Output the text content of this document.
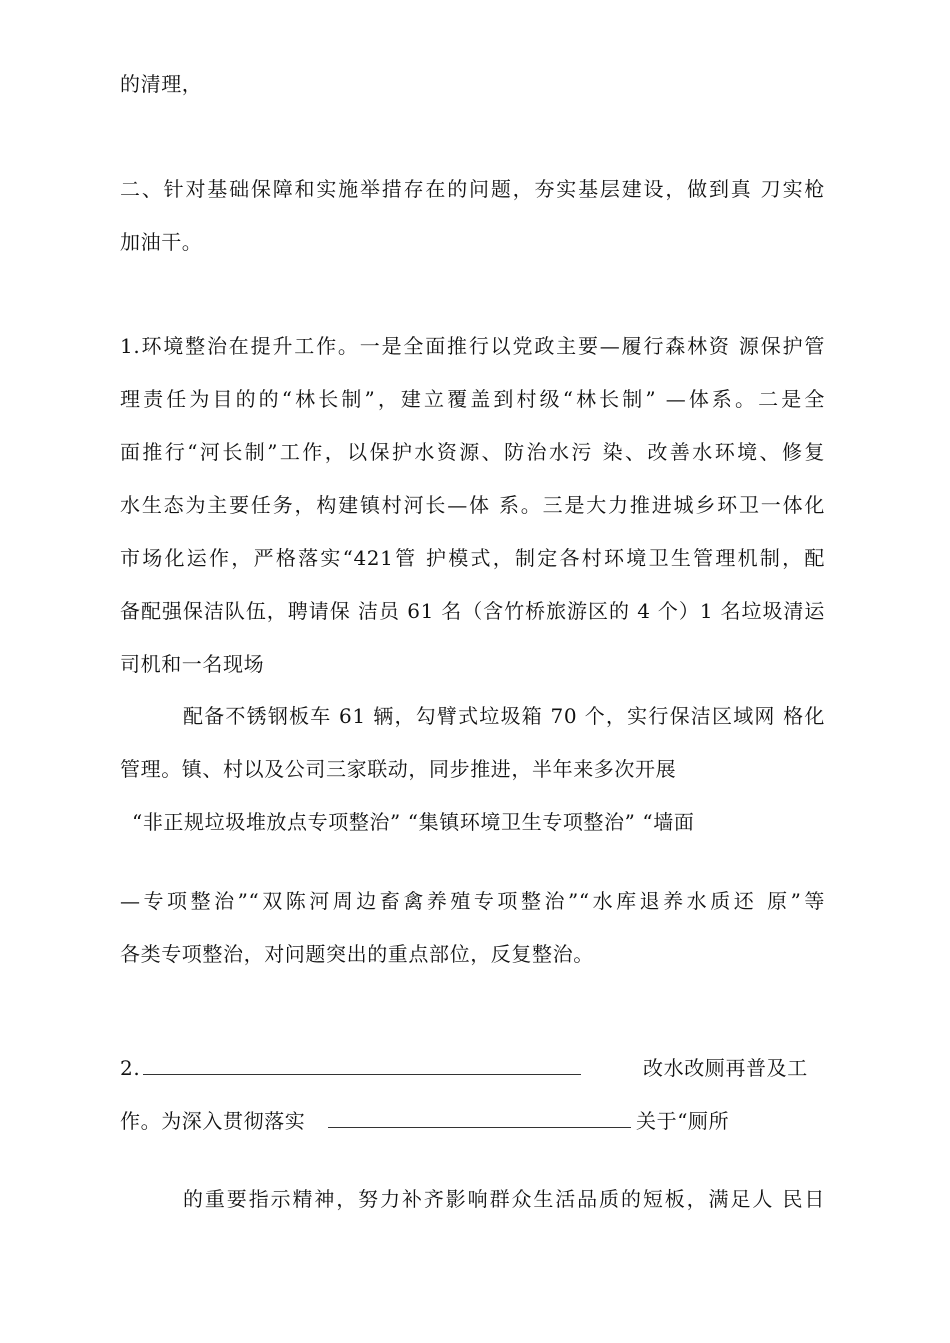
的清理，
二、针对基础保障和实施举措存在的问题，夯实基层建设，做到真 刀实枪
加油干。
1.环境整治在提升工作。一是全面推行以党政主要—履行森林资 源保护管
理责任为目的的“林长制”，建立覆盖到村级“林长制” —体系。二是全
面推行“河长制”工作，以保护水资源、防治水污 染、改善水环境、修复
水生态为主要任务，构建镇村河长—体 系。三是大力推进城乡环卫一体化
市场化运作，严格落实“421管 护模式，制定各村环境卫生管理机制，配
备配强保洁队伍，聘请保 洁员 61 名（含竹桥旅游区的 4 个）1 名垃圾清运
司机和一名现场
配备不锈钢板车 61 辆，勾臂式垃圾箱 70 个，实行保洁区域网 格化
管理。镇、村以及公司三家联动，同步推进，半年来多次开展
“非正规垃圾堆放点专项整治” “集镇环境卫生专项整治” “墙面
—专项整治”“双陈河周边畜禽养殖专项整治”“水库退养水质还 原”等
各类专项整治，对问题突出的重点部位，反复整治。
2.	改水改厕再普及工
作。为深入贯彻落实	关于“厕所
的重要指示精神，努力补齐影响群众生活品质的短板，满足人 民日
